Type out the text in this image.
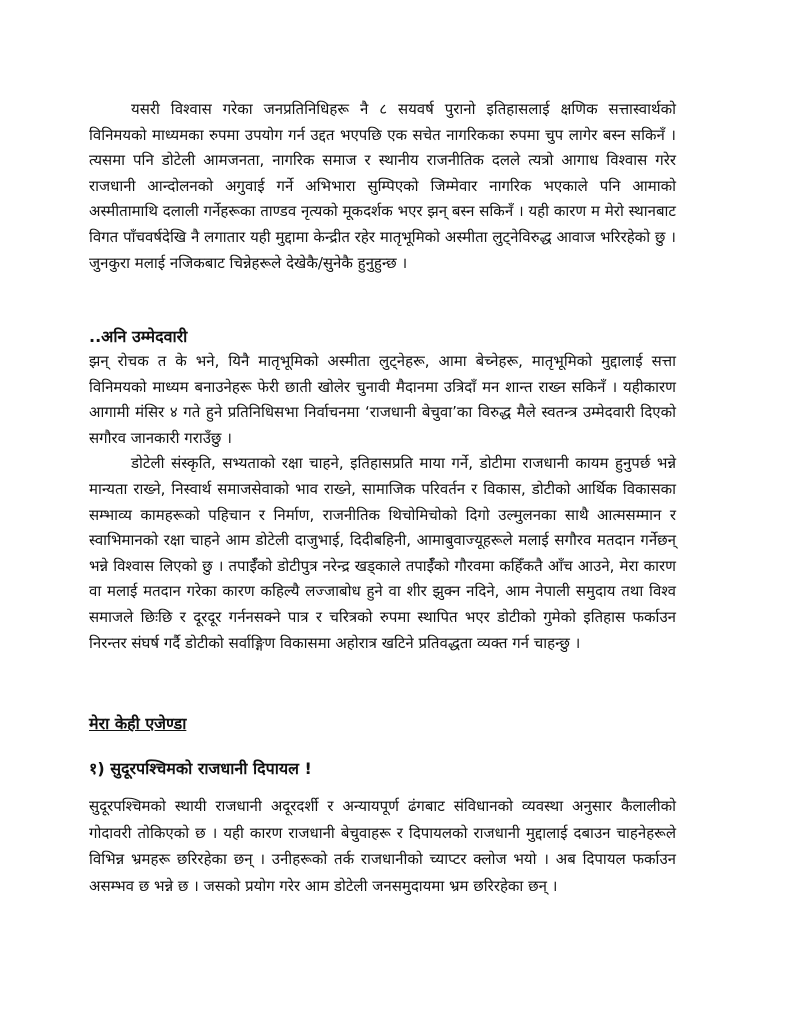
यसरी विश्वास गरेका जनप्रतिनिधिहरू नै ८ सयवर्ष पुरानो इतिहासलाई क्षणिक सत्तास्वार्थको विनिमयको माध्यमका रुपमा उपयोग गर्न उद्दत भएपछि एक सचेत नागरिकका रुपमा चुप लागेर बस्न सकिनँ । त्यसमा पनि डोटेली आमजनता, नागरिक समाज र स्थानीय राजनीतिक दलले त्यत्रो आगाध विश्वास गरेर राजधानी आन्दोलनको अगुवाई गर्ने अभिभारा सुम्पिएको जिम्मेवार नागरिक भएकाले पनि आमाको अस्मीतामाथि दलाली गर्नेहरूका ताण्डव नृत्यको मूकदर्शक भएर झन् बस्न सकिनँ । यही कारण म मेरो स्थानबाट विगत पाँचवर्षदेखि नै लगातार यही मुद्दामा केन्द्रीत रहेर मातृभूमिको अस्मीता लुट्नेविरुद्ध आवाज भरिरहेको छु । जुनकुरा मलाई नजिकबाट चिन्नेहरूले देखेकै/सुनेकै हुनुहुन्छ ।

..अनि उम्मेदवारी

झन् रोचक त के भने, यिनै मातृभूमिको अस्मीता लुट्नेहरू, आमा बेच्नेहरू, मातृभूमिको मुद्दालाई सत्ता विनिमयको माध्यम बनाउनेहरू फेरी छाती खोलेर चुनावी मैदानमा उत्रिदाँ मन शान्त राख्न सकिनँ । यहीकारण आगामी मंसिर ४ गते हुने प्रतिनिधिसभा निर्वाचनमा ‘राजधानी बेचुवा’का विरुद्ध मैले स्वतन्त्र उम्मेदवारी दिएको सगौरव जानकारी गराउँछु ।

डोटेली संस्कृति, सभ्यताको रक्षा चाहने, इतिहासप्रति माया गर्ने, डोटीमा राजधानी कायम हुनुपर्छ भन्ने मान्यता राख्ने, निस्वार्थ समाजसेवाको भाव राख्ने, सामाजिक परिवर्तन र विकास, डोटीको आर्थिक विकासका सम्भाव्य कामहरूको पहिचान र निर्माण, राजनीतिक थिचोमिचोको दिगो उल्मुलनका साथै आत्मसम्मान र स्वाभिमानको रक्षा चाहने आम डोटेली दाजुभाई, दिदीबहिनी, आमाबुवाज्यूहरूले मलाई सगौरव मतदान गर्नेछन् भन्ने विश्वास लिएको छु । तपाईँको डोटीपुत्र नरेन्द्र खड्काले तपाईँको गौरवमा कहिँकतै आँच आउने, मेरा कारण वा मलाई मतदान गरेका कारण कहिल्यै लज्जाबोध हुने वा शीर झुक्न नदिने, आम नेपाली समुदाय तथा विश्व समाजले छिःछि र दूरदूर गर्ननसक्ने पात्र र चरित्रको रुपमा स्थापित भएर डोटीको गुमेको इतिहास फर्काउन निरन्तर संघर्ष गर्दै डोटीको सर्वाङ्गिण विकासमा अहोरात्र खटिने प्रतिवद्धता व्यक्त गर्न चाहन्छु ।

मेरा केही एजेण्डा
१) सुदूरपश्चिमको राजधानी दिपायल !

सुदूरपश्चिमको स्थायी राजधानी अदूरदर्शी र अन्यायपूर्ण ढंगबाट संविधानको व्यवस्था अनुसार कैलालीको गोदावरी तोकिएको छ । यही कारण राजधानी बेचुवाहरू र दिपायलको राजधानी मुद्दालाई दबाउन चाहनेहरूले विभिन्न भ्रमहरू छरिरहेका छन् । उनीहरूको तर्क राजधानीको च्याप्टर क्लोज भयो । अब दिपायल फर्काउन असम्भव छ भन्ने छ । जसको प्रयोग गरेर आम डोटेली जनसमुदायमा भ्रम छरिरहेका छन् ।
